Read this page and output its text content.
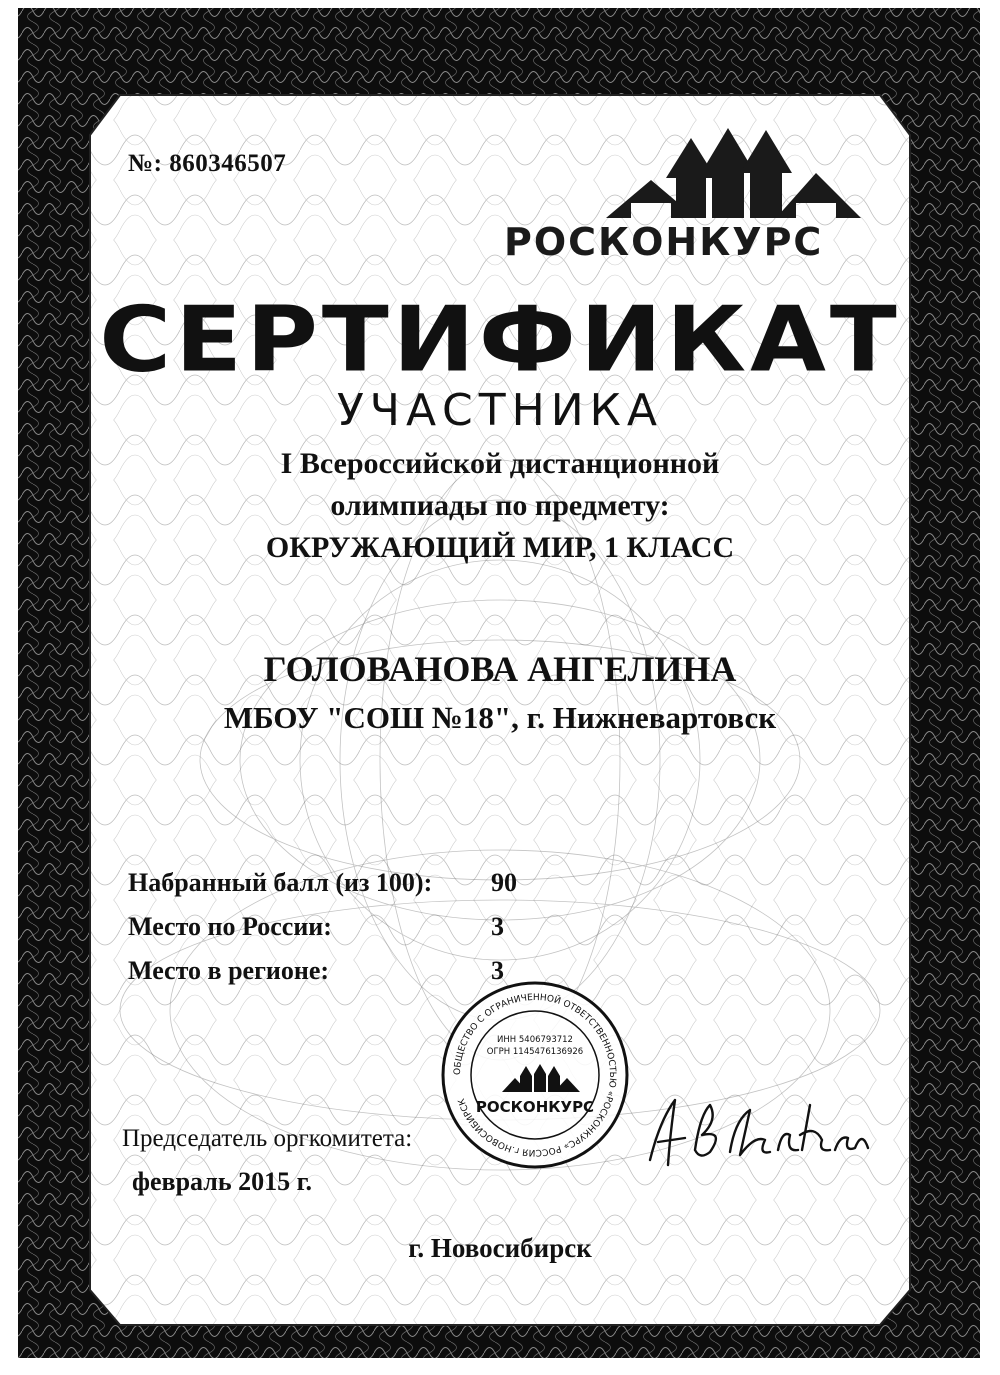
№: 860346507
РОСКОНКУРС
СЕРТИФИКАТ
УЧАСТНИКА
I Всероссийской дистанционной
олимпиады по предмету:
ОКРУЖАЮЩИЙ МИР, 1 КЛАСС
ГОЛОВАНОВА АНГЕЛИНА
МБОУ "СОШ №18", г. Нижневартовск
Набранный балл (из 100): 90
Место по России:	3
Место в регионе:	3
ОБЩЕСТВО С ОГРАНИЧЕННОЙ ОТВЕТСТВЕННОСТЬЮ «РОСКОНКУРС» РОССИЯ г.НОВОСИБИРСК
ИНН 5406793712
ОГРН 1145476136926
РОСКОНКУРС
Председатель оргкомитета:
февраль 2015 г.
г. Новосибирск
